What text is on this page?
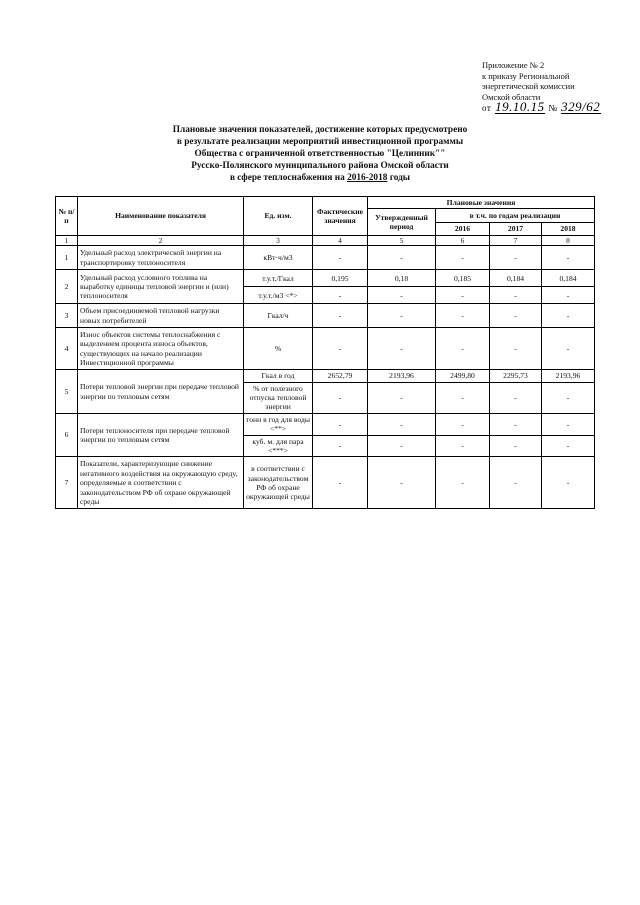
Приложение № 2
к приказу Региональной
энергетической комиссии
Омской области
от 19.10.15 № 329/62
Плановые значения показателей, достижение которых предусмотрено
в результате реализации мероприятий инвестиционной программы
Общества с ограниченной ответственностью "Целинник""
Русско-Полянского муниципального района Омской области
в сфере теплоснабжения на 2016-2018 годы
№ п/п	Наименование показателя	Ед. изм.	Фактические значения	Плановые значения			
				Утвержденный период	в т.ч. по годам реализации		
					2016	2017	2018
1	2	3	4	5	6	7	8
1	Удельный расход электрической энергии на транспортировку теплоносителя	кВт·ч/м3	-	-	-	-	-
2	Удельный расход условного топлива на выработку единицы тепловой энергии и (или) теплоносителя	т.у.т./Гкал	0,195	0,18	0,185	0,184	0,184
		т.у.т./м3 <*>	-	-	-	-	-
3	Объем присоединяемой тепловой нагрузки новых потребителей	Гкал/ч	-	-	-	-	-
4	Износ объектов системы теплоснабжения с выделением процента износа объектов, существующих на начало реализации Инвестиционной программы	%	-	-	-	-	-
5	Потери тепловой энергии при передаче тепловой энергии по тепловым сетям	Гкал в год	2652,79	2193,96	2499,80	2295,73	2193,96
		% от полезного отпуска тепловой энергии	-	-	-	-	-
6	Потери теплоносителя при передаче тепловой энергии по тепловым сетям	тонн в год для воды <**>	-	-	-	-	-
		куб. м. для пара <***>	-	-	-	-	-
7	Показатели, характеризующие снижение негативного воздействия на окружающую среду, определяемые в соответствии с законодательством РФ об охране окружающей среды	в соответствии с законодательством РФ об охране окружающей среды	-	-	-	-	-
